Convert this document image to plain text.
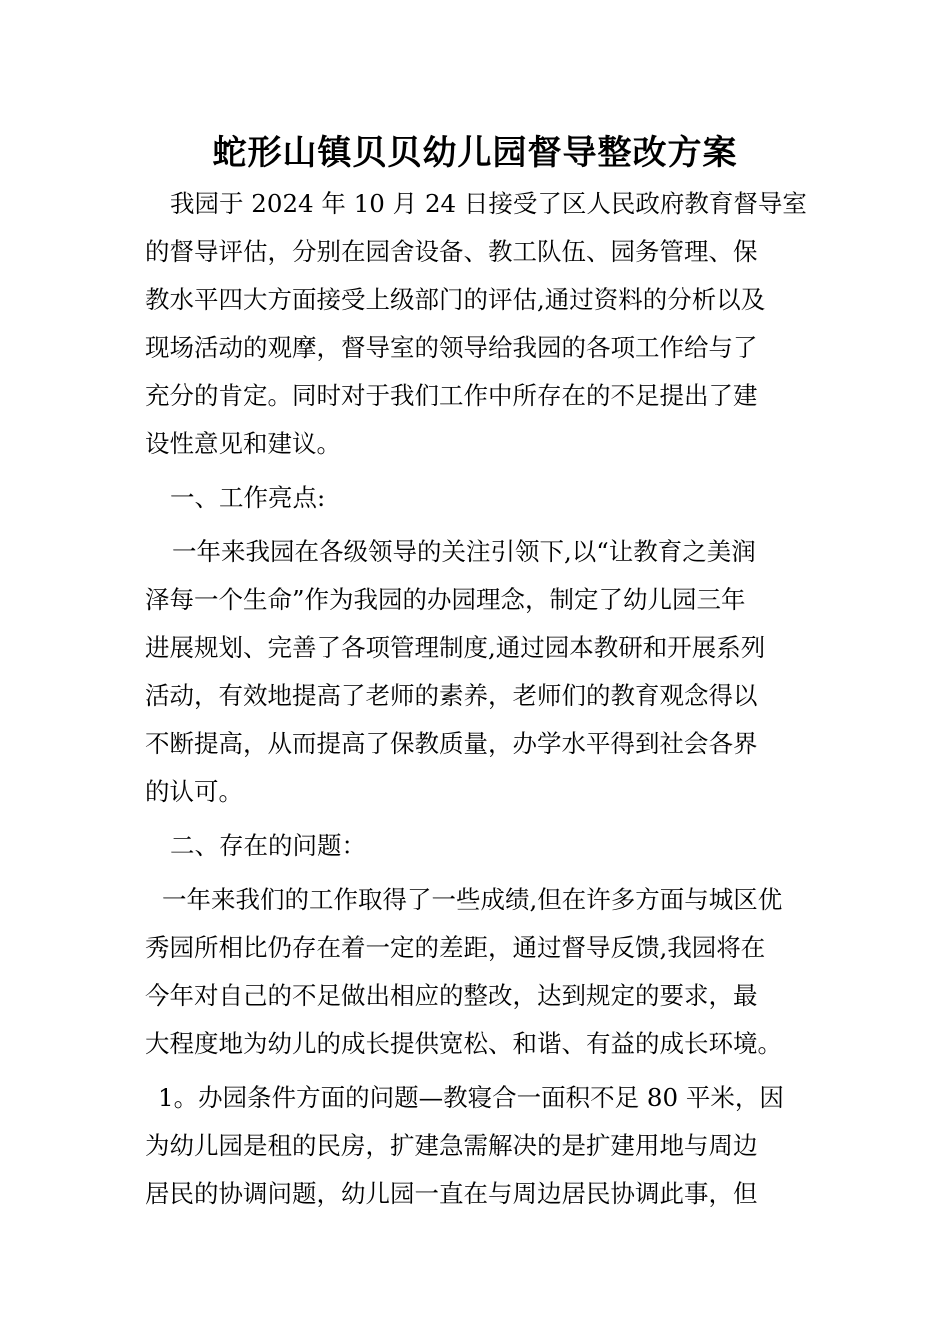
蛇形山镇贝贝幼儿园督导整改方案
我园于 2024 年 10 月 24 日接受了区人民政府教育督导室
的督导评估，分别在园舍设备、教工队伍、园务管理、保
教水平四大方面接受上级部门的评估,通过资料的分析以及
现场活动的观摩，督导室的领导给我园的各项工作给与了
充分的肯定。同时对于我们工作中所存在的不足提出了建
设性意见和建议。
一、工作亮点:
一年来我园在各级领导的关注引领下,以“让教育之美润
泽每一个生命”作为我园的办园理念，制定了幼儿园三年
进展规划、完善了各项管理制度,通过园本教研和开展系列
活动，有效地提高了老师的素养，老师们的教育观念得以
不断提高，从而提高了保教质量，办学水平得到社会各界
的认可。
二、存在的问题：
一年来我们的工作取得了一些成绩,但在许多方面与城区优
秀园所相比仍存在着一定的差距，通过督导反馈,我园将在
今年对自己的不足做出相应的整改，达到规定的要求，最
大程度地为幼儿的成长提供宽松、和谐、有益的成长环境。
1。办园条件方面的问题—教寝合一面积不足 80 平米，因
为幼儿园是租的民房，扩建急需解决的是扩建用地与周边
居民的协调问题，幼儿园一直在与周边居民协调此事，但
